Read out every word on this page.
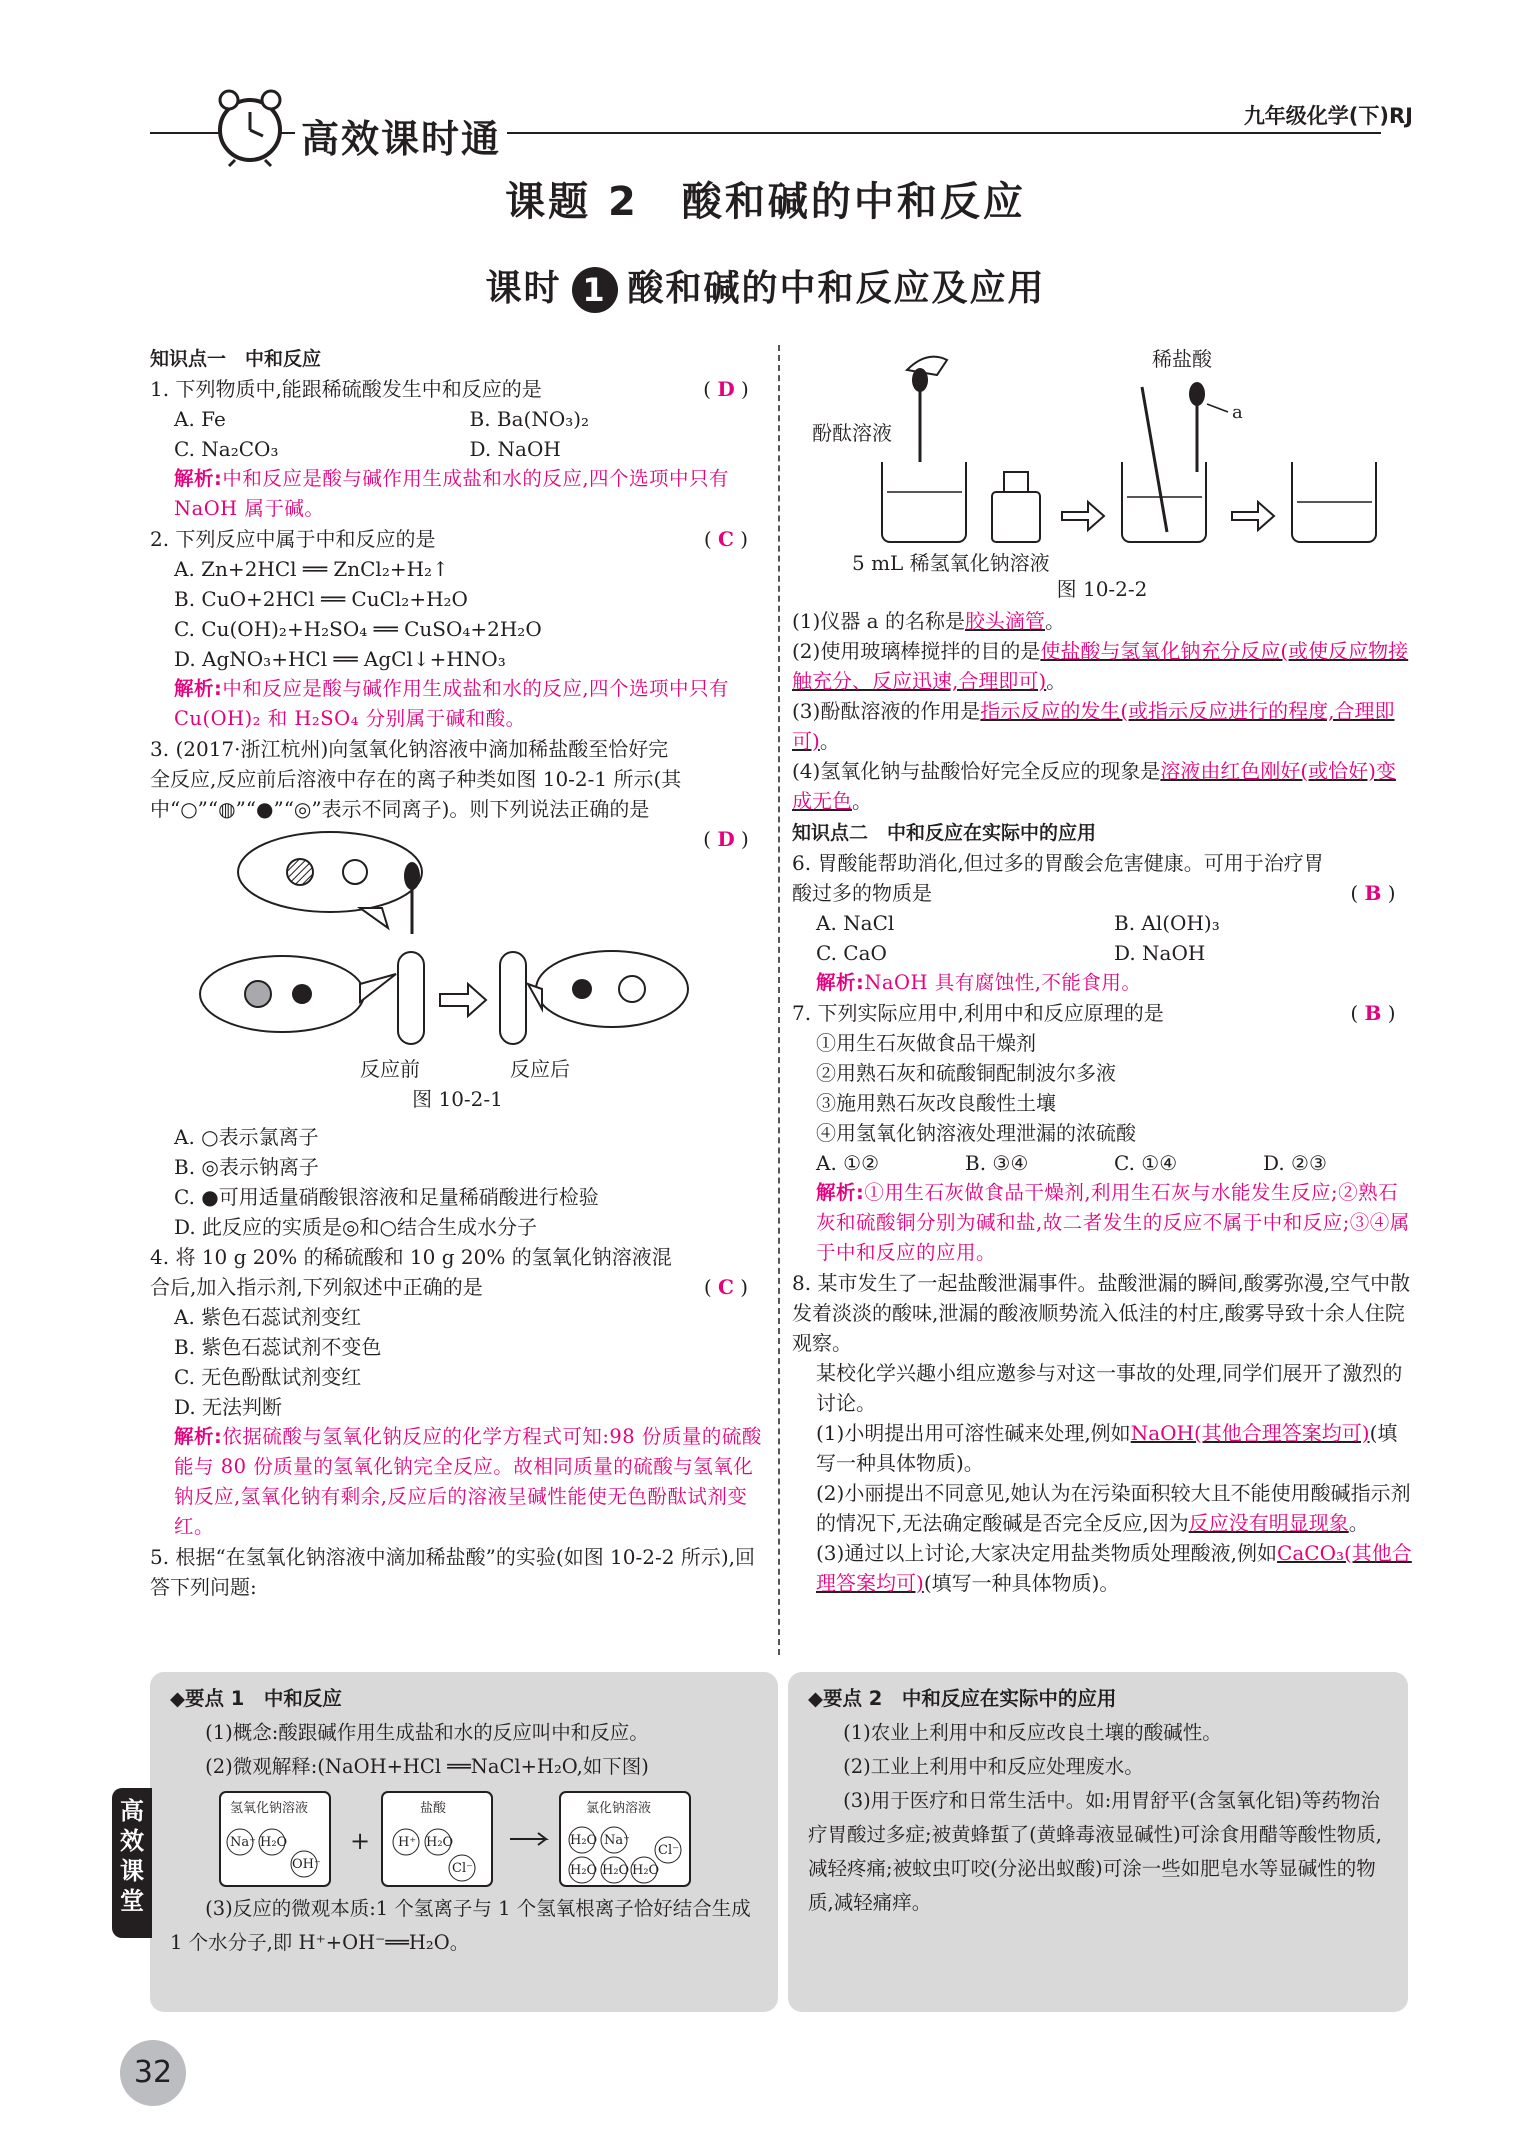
高效课时通
九年级化学(下)RJ
课题 2　酸和碱的中和反应
课时 1 酸和碱的中和反应及应用
知识点一　中和反应
1. 下列物质中,能跟稀硫酸发生中和反应的是	( D )
A. Fe	B. Ba(NO₃)₂
C. Na₂CO₃	D. NaOH
解析:中和反应是酸与碱作用生成盐和水的反应,四个选项中只有 NaOH 属于碱。
2. 下列反应中属于中和反应的是	( C )
A. Zn+2HCl ══ ZnCl₂+H₂↑
B. CuO+2HCl ══ CuCl₂+H₂O
C. Cu(OH)₂+H₂SO₄ ══ CuSO₄+2H₂O
D. AgNO₃+HCl ══ AgCl↓+HNO₃
解析:中和反应是酸与碱作用生成盐和水的反应,四个选项中只有 Cu(OH)₂ 和 H₂SO₄ 分别属于碱和酸。
3. (2017·浙江杭州)向氢氧化钠溶液中滴加稀盐酸至恰好完全反应,反应前后溶液中存在的离子种类如图 10-2-1 所示(其中“○”“◍”“●”“◎”表示不同离子)。则下列说法正确的是
( D )
反应前	反应后
图 10-2-1
A. ○表示氯离子
B. ◎表示钠离子
C. ●可用适量硝酸银溶液和足量稀硝酸进行检验
D. 此反应的实质是◎和○结合生成水分子
4. 将 10 g 20% 的稀硫酸和 10 g 20% 的氢氧化钠溶液混合后,加入指示剂,下列叙述中正确的是	( C )
A. 紫色石蕊试剂变红
B. 紫色石蕊试剂不变色
C. 无色酚酞试剂变红
D. 无法判断
解析:依据硫酸与氢氧化钠反应的化学方程式可知:98 份质量的硫酸能与 80 份质量的氢氧化钠完全反应。故相同质量的硫酸与氢氧化钠反应,氢氧化钠有剩余,反应后的溶液呈碱性能使无色酚酞试剂变红。
5. 根据“在氢氧化钠溶液中滴加稀盐酸”的实验(如图 10-2-2 所示),回答下列问题:
稀盐酸
酚酞溶液
a
5 mL 稀氢氧化钠溶液
图 10-2-2
(1)仪器 a 的名称是胶头滴管。
(2)使用玻璃棒搅拌的目的是使盐酸与氢氧化钠充分反应(或使反应物接触充分、反应迅速,合理即可)。
(3)酚酞溶液的作用是指示反应的发生(或指示反应进行的程度,合理即可)。
(4)氢氧化钠与盐酸恰好完全反应的现象是溶液由红色刚好(或恰好)变成无色。
知识点二　中和反应在实际中的应用
6. 胃酸能帮助消化,但过多的胃酸会危害健康。可用于治疗胃酸过多的物质是	( B )
A. NaCl	B. Al(OH)₃
C. CaO	D. NaOH
解析:NaOH 具有腐蚀性,不能食用。
7. 下列实际应用中,利用中和反应原理的是	( B )
①用生石灰做食品干燥剂
②用熟石灰和硫酸铜配制波尔多液
③施用熟石灰改良酸性土壤
④用氢氧化钠溶液处理泄漏的浓硫酸
A. ①②	B. ③④	C. ①④	D. ②③
解析:①用生石灰做食品干燥剂,利用生石灰与水能发生反应;②熟石灰和硫酸铜分别为碱和盐,故二者发生的反应不属于中和反应;③④属于中和反应的应用。
8. 某市发生了一起盐酸泄漏事件。盐酸泄漏的瞬间,酸雾弥漫,空气中散发着淡淡的酸味,泄漏的酸液顺势流入低洼的村庄,酸雾导致十余人住院观察。
某校化学兴趣小组应邀参与对这一事故的处理,同学们展开了激烈的讨论。
(1)小明提出用可溶性碱来处理,例如NaOH(其他合理答案均可)(填写一种具体物质)。
(2)小丽提出不同意见,她认为在污染面积较大且不能使用酸碱指示剂的情况下,无法确定酸碱是否完全反应,因为反应没有明显现象。
(3)通过以上讨论,大家决定用盐类物质处理酸液,例如CaCO₃(其他合理答案均可)(填写一种具体物质)。
◆要点 1　中和反应

(1)概念:酸跟碱作用生成盐和水的反应叫中和反应。

(2)微观解释:(NaOH+HCl ══NaCl+H₂O,如下图)

氢氧化钠溶液
Na⁺ H₂O
OH⁻
+
盐酸
H⁺ H₂O
Cl⁻
氯化钠溶液
H₂O Na⁺
Cl⁻
H₂O H₂O H₂O

(3)反应的微观本质:1 个氢离子与 1 个氢氧根离子恰好结合生成 1 个水分子,即 H⁺+OH⁻══H₂O。

◆要点 2　中和反应在实际中的应用

(1)农业上利用中和反应改良土壤的酸碱性。

(2)工业上利用中和反应处理废水。

(3)用于医疗和日常生活中。如:用胃舒平(含氢氧化铝)等药物治疗胃酸过多症;被黄蜂蜇了(黄蜂毒液显碱性)可涂食用醋等酸性物质,减轻疼痛;被蚊虫叮咬(分泌出蚁酸)可涂一些如肥皂水等显碱性的物质,减轻痛痒。

高效课堂
32
